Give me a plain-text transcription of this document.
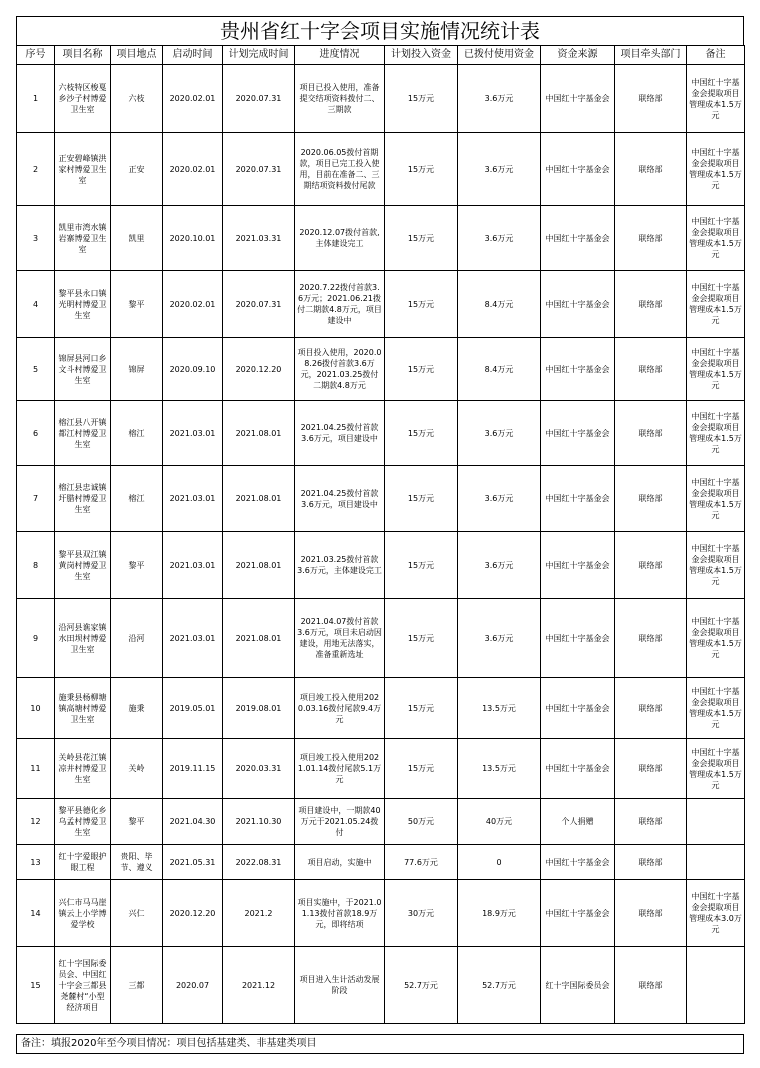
贵州省红十字会项目实施情况统计表
序号	项目名称	项目地点	启动时间	计划完成时间	进度情况	计划投入资金	已拨付使用资金	资金来源	项目牵头部门	备注
1	六枝特区梭戛乡沙子村博爱卫生室	六枝	2020.02.01	2020.07.31	项目已投入使用，准备提交结项资料拨付二、三期款	15万元	3.6万元	中国红十字基金会	联络部	中国红十字基金会提取项目管理成本1.5万元
2	正安碧峰镇洪家村博爱卫生室	正安	2020.02.01	2020.07.31	2020.06.05拨付首期款，项目已完工投入使用，目前在准备二、三期结项资料拨付尾款	15万元	3.6万元	中国红十字基金会	联络部	中国红十字基金会提取项目管理成本1.5万元
3	凯里市湾水镇岩寨博爱卫生室	凯里	2020.10.01	2021.03.31	2020.12.07拨付首款,主体建设完工	15万元	3.6万元	中国红十字基金会	联络部	中国红十字基金会提取项目管理成本1.5万元
4	黎平县永口镇光明村博爱卫生室	黎平	2020.02.01	2020.07.31	2020.7.22拨付首款3.6万元；2021.06.21拨付二期款4.8万元，项目建设中	15万元	8.4万元	中国红十字基金会	联络部	中国红十字基金会提取项目管理成本1.5万元
5	锦屏县河口乡文斗村博爱卫生室	锦屏	2020.09.10	2020.12.20	项目投入使用，2020.08.26拨付首款3.6万元，2021.03.25拨付二期款4.8万元	15万元	8.4万元	中国红十字基金会	联络部	中国红十字基金会提取项目管理成本1.5万元
6	榕江县八开镇都江村博爱卫生室	榕江	2021.03.01	2021.08.01	2021.04.25拨付首款3.6万元，项目建设中	15万元	3.6万元	中国红十字基金会	联络部	中国红十字基金会提取项目管理成本1.5万元
7	榕江县忠诚镇圩腊村博爱卫生室	榕江	2021.03.01	2021.08.01	2021.04.25拨付首款3.6万元，项目建设中	15万元	3.6万元	中国红十字基金会	联络部	中国红十字基金会提取项目管理成本1.5万元
8	黎平县双江镇黄岗村博爱卫生室	黎平	2021.03.01	2021.08.01	2021.03.25拨付首款3.6万元，主体建设完工	15万元	3.6万元	中国红十字基金会	联络部	中国红十字基金会提取项目管理成本1.5万元
9	沿河县谯家镇水田坝村博爱卫生室	沿河	2021.03.01	2021.08.01	2021.04.07拨付首款3.6万元，项目未启动因建设，用地无法落实，准备重新选址	15万元	3.6万元	中国红十字基金会	联络部	中国红十字基金会提取项目管理成本1.5万元
10	施秉县杨柳塘镇高塘村博爱卫生室	施秉	2019.05.01	2019.08.01	项目竣工投入使用2020.03.16拨付尾款9.4万元	15万元	13.5万元	中国红十字基金会	联络部	中国红十字基金会提取项目管理成本1.5万元
11	关岭县花江镇凉井村博爱卫生室	关岭	2019.11.15	2020.03.31	项目竣工投入使用2021.01.14拨付尾款5.1万元	15万元	13.5万元	中国红十字基金会	联络部	中国红十字基金会提取项目管理成本1.5万元
12	黎平县德化乡乌孟村博爱卫生室	黎平	2021.04.30	2021.10.30	项目建设中，一期款40万元于2021.05.24拨付	50万元	40万元	个人捐赠	联络部	
13	红十字爱眼护眼工程	贵阳、毕节、遵义	2021.05.31	2022.08.31	项目启动，实施中	77.6万元	0	中国红十字基金会	联络部	
14	兴仁市马马崖镇云上小学博爱学校	兴仁	2020.12.20	2021.2	项目实施中，于2021.01.13拨付首款18.9万元，即将结项	30万元	18.9万元	中国红十字基金会	联络部	中国红十字基金会提取项目管理成本3.0万元
15	红十字国际委员会、中国红十字会三都县尧麓村“小型经济项目	三都	2020.07	2021.12	项目进入生计活动发展阶段	52.7万元	52.7万元	红十字国际委员会	联络部	
备注：填报2020年至今项目情况：项目包括基建类、非基建类项目
